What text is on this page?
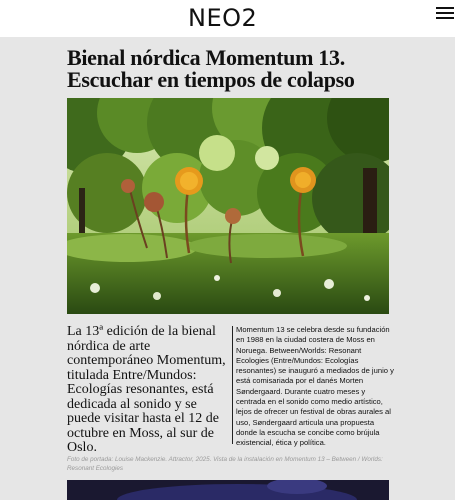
NEO2
Bienal nórdica Momentum 13. Escuchar en tiempos de colapso

La 13ª edición de la bienal nórdica de arte contemporáneo Momentum, titulada Entre/Mundos: Ecologías resonantes, está dedicada al sonido y se puede visitar hasta el 12 de octubre en Moss, al sur de Oslo.

Momentum 13 se celebra desde su fundación en 1988 en la ciudad costera de Moss en Noruega. Between/Worlds: Resonant Ecologies (Entre/Mundos: Ecologías resonantes) se inauguró a mediados de junio y está comisariada por el danés Morten Søndergaard. Durante cuatro meses y centrada en el sonido como medio artístico, lejos de ofrecer un festival de obras aurales al uso, Søndergaard articula una propuesta donde la escucha se concibe como brújula existencial, ética y política.

Foto de portada: Louise Mackenzie. Attractor, 2025. Vista de la instalación en Momentum 13 – Between / Worlds: Resonant Ecologies
